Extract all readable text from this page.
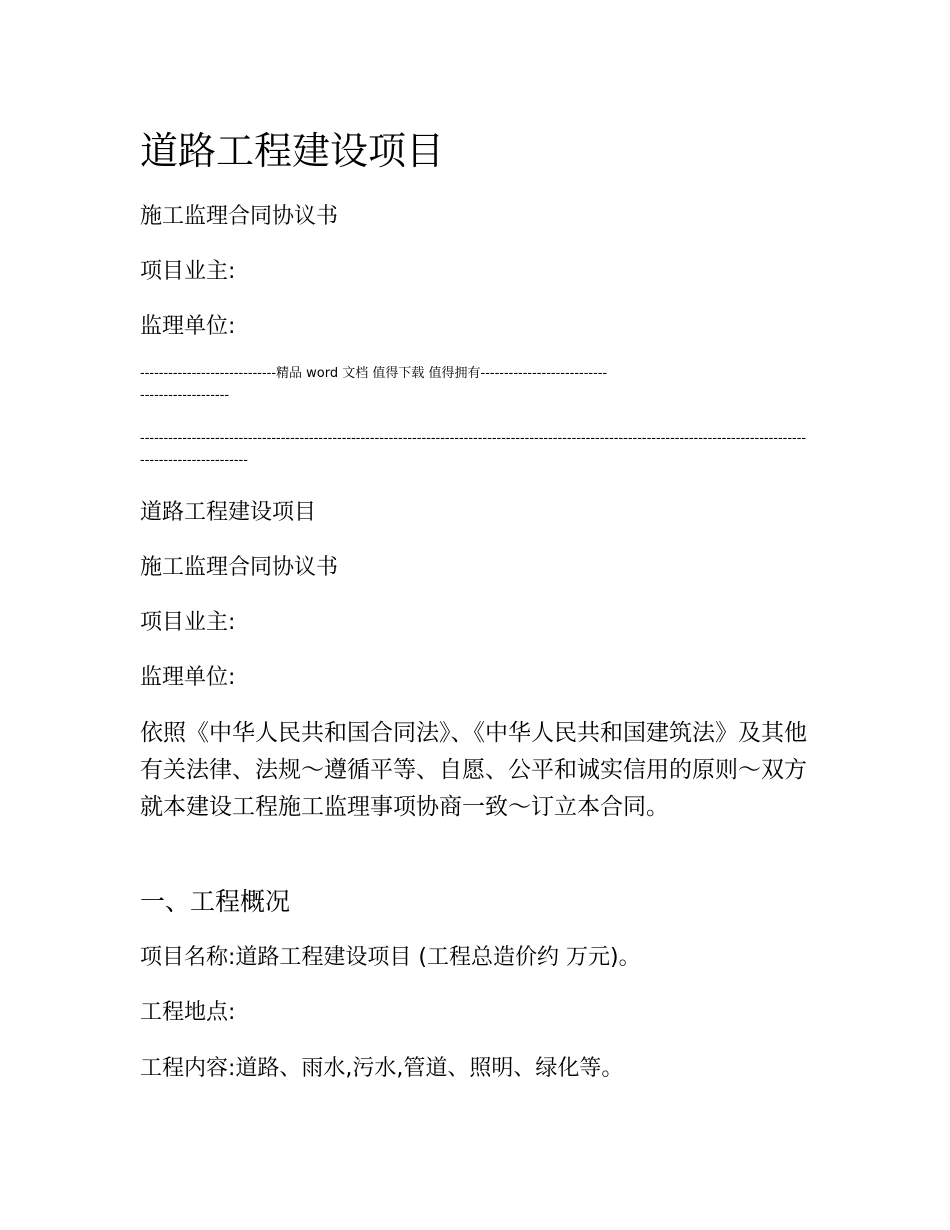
道路工程建设项目
施工监理合同协议书
项目业主:
监理单位:
-----------------------------精品 word 文档 值得下载 值得拥有----------------------------------------------
---------------------------------------------------------------------------------------------------------------------------------------------------------------------
道路工程建设项目
施工监理合同协议书
项目业主:
监理单位:

依照《中华人民共和国合同法》、《中华人民共和国建筑法》及其他有关法律、法规～遵循平等、自愿、公平和诚实信用的原则～双方就本建设工程施工监理事项协商一致～订立本合同。

一、工程概况
项目名称:道路工程建设项目 (工程总造价约 万元)。
工程地点:
工程内容:道路、雨水,污水,管道、照明、绿化等。
